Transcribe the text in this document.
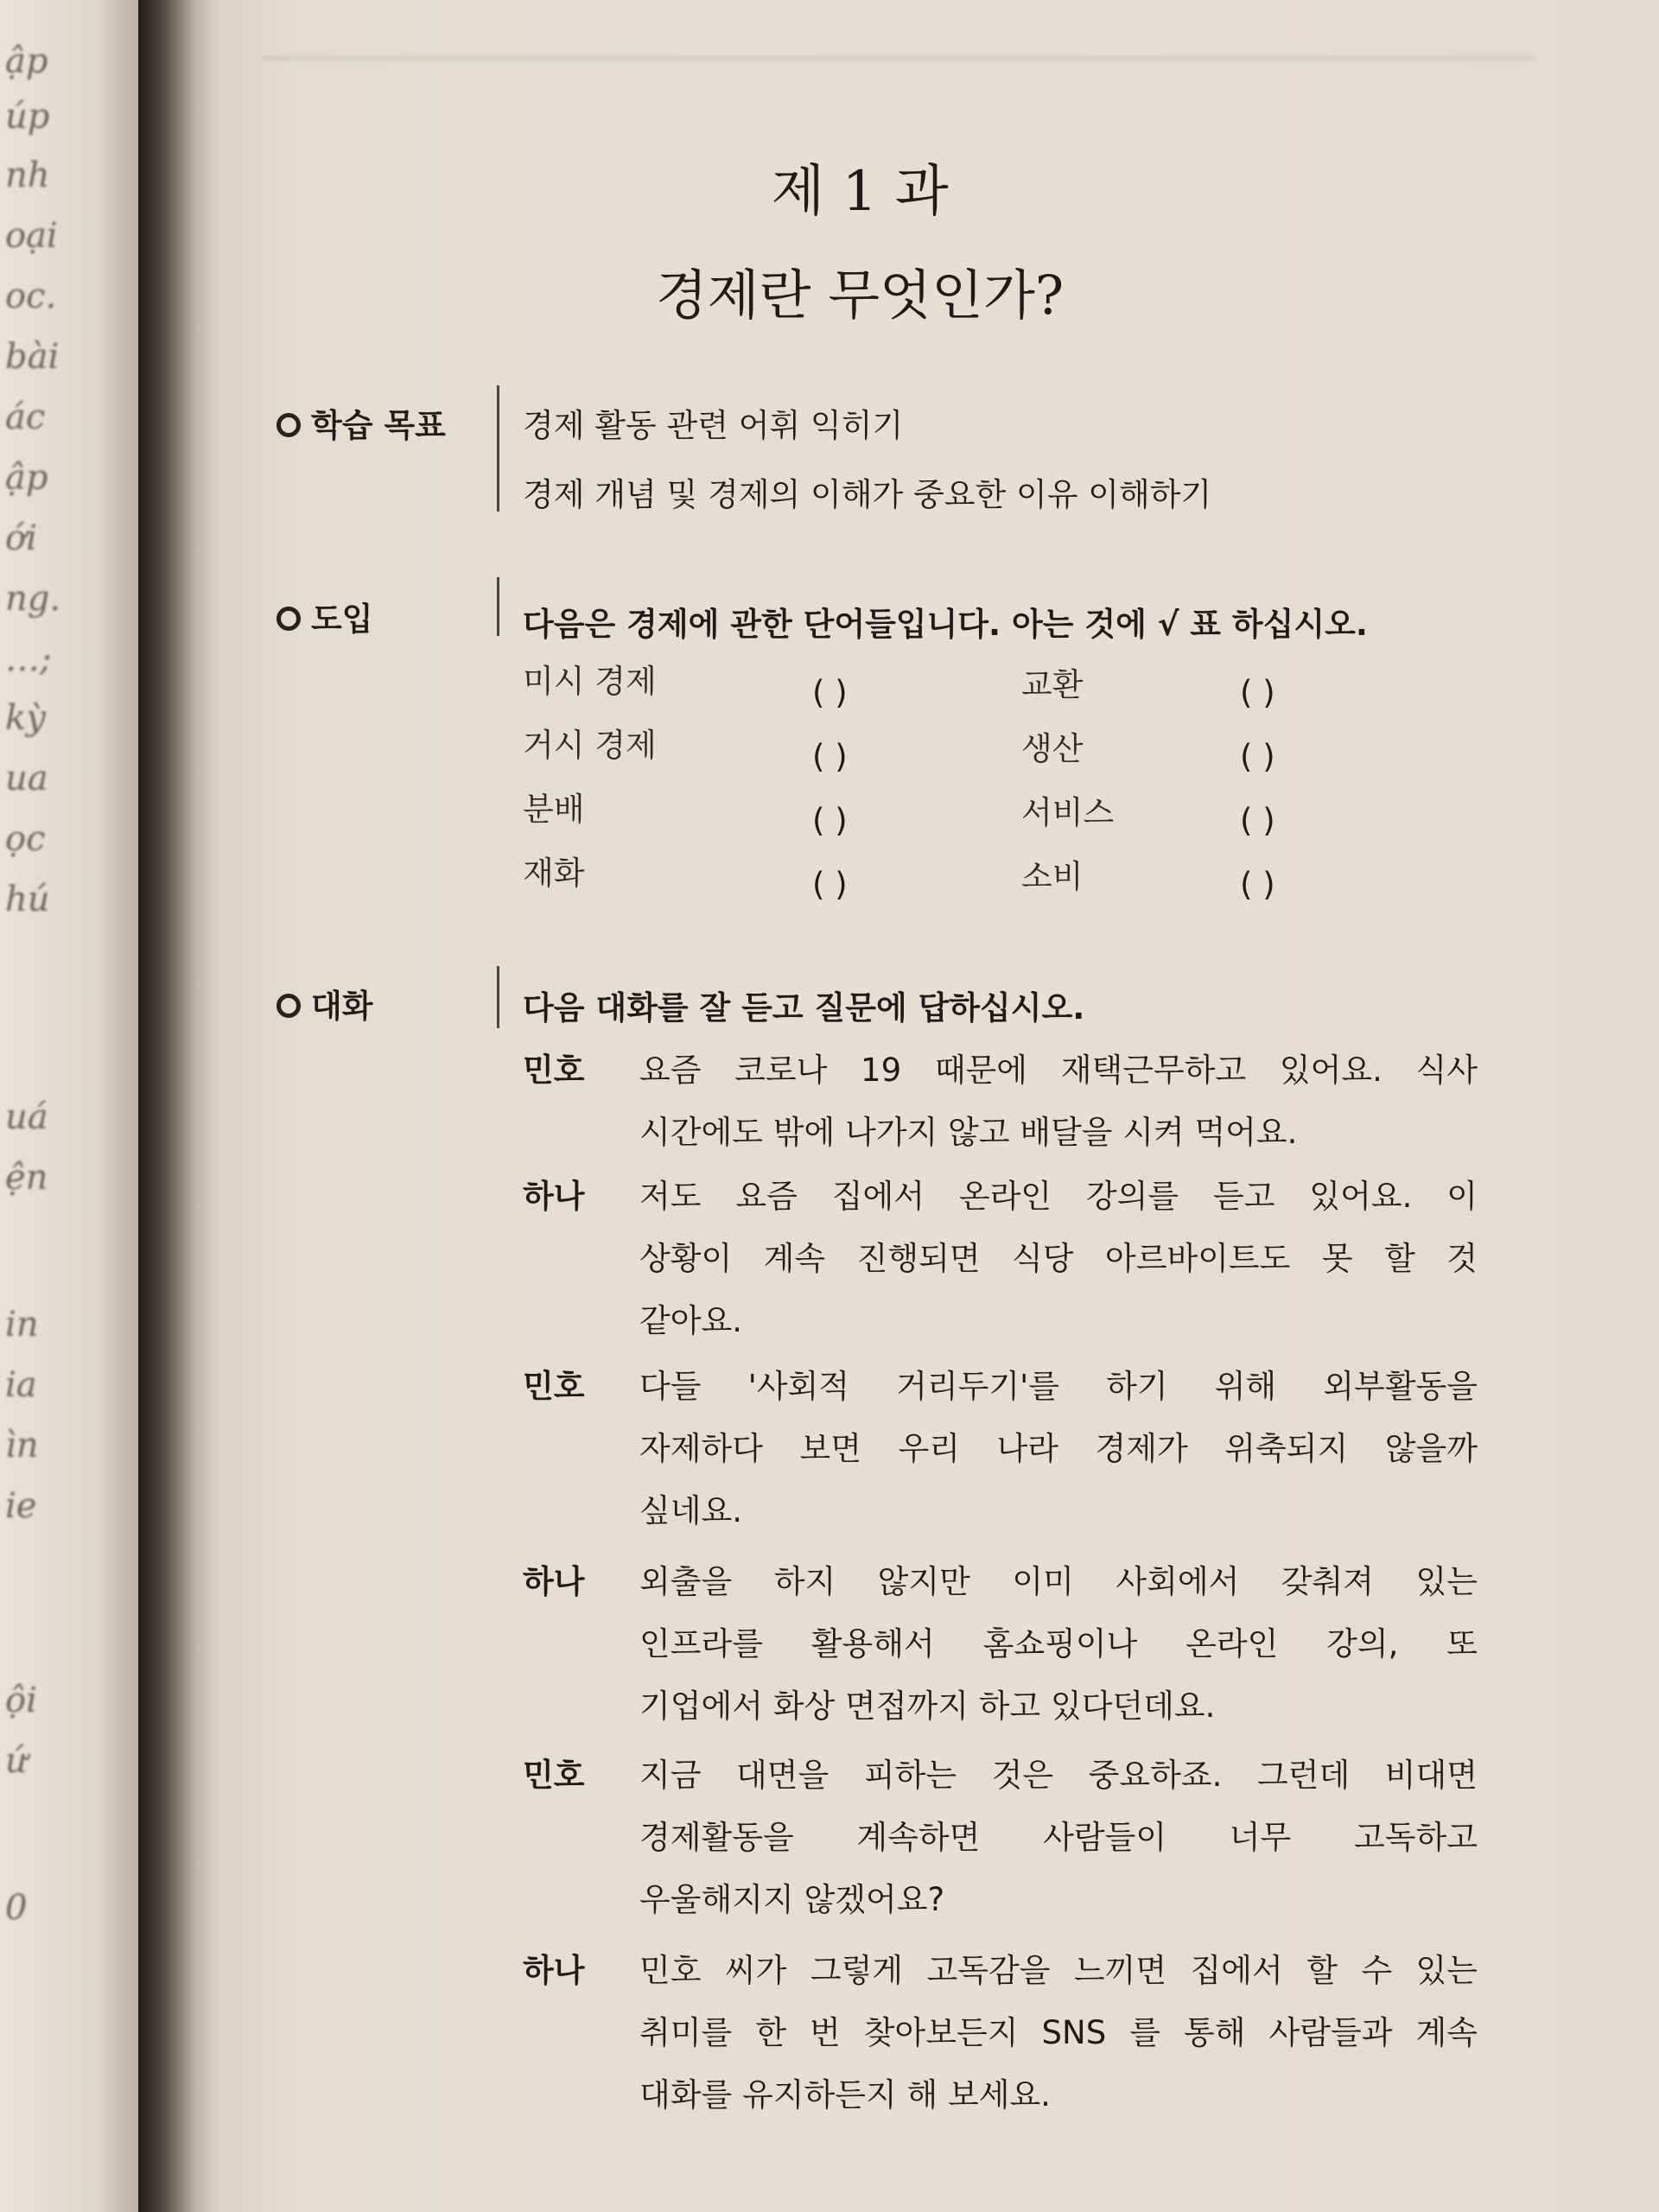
ập
úp
nh
oại
oc.
bài
ác
ập
ới
ng.
…;
kỳ
ua
ọc
hú
uá
ện
in
ia
ìn
ie
ội
ứ
0
제 1 과
경제란 무엇인가?
학습 목표 경제 활동 관련 어휘 익히기
경제 개념 및 경제의 이해가 중요한 이유 이해하기
도입	다음은 경제에 관한 단어들입니다. 아는 것에 √ 표 하십시오.
미시 경제
거시 경제
분배
재화
( )
( )
( )
( )
교환
생산
서비스
소비
( )
( )
( )
( )
대화	다음 대화를 잘 듣고 질문에 답하십시오.
민호 요즘 코로나 19 때문에 재택근무하고 있어요. 식사
시간에도 밖에 나가지 않고 배달을 시켜 먹어요.
하나 저도 요즘 집에서 온라인 강의를 듣고 있어요. 이
상황이 계속 진행되면 식당 아르바이트도 못 할 것
같아요.
민호 다들 '사회적 거리두기'를 하기 위해 외부활동을
자제하다 보면 우리 나라 경제가 위축되지 않을까
싶네요.
하나 외출을 하지 않지만 이미 사회에서 갖춰져 있는
인프라를 활용해서 홈쇼핑이나 온라인 강의, 또
기업에서 화상 면접까지 하고 있다던데요.
민호 지금 대면을 피하는 것은 중요하죠. 그런데 비대면
경제활동을 계속하면 사람들이 너무 고독하고
우울해지지 않겠어요?
하나 민호 씨가 그렇게 고독감을 느끼면 집에서 할 수 있는
취미를 한 번 찾아보든지 SNS 를 통해 사람들과 계속
대화를 유지하든지 해 보세요.
